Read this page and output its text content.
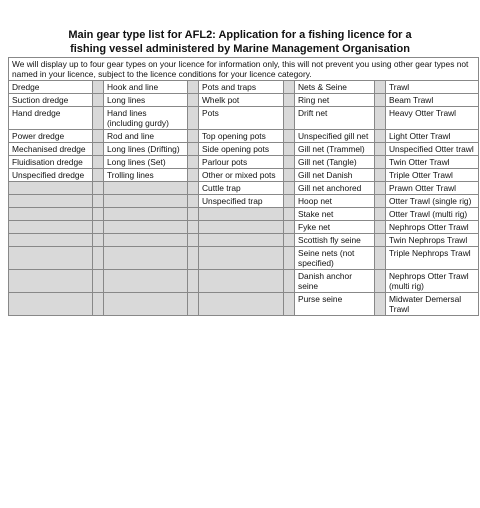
Main gear type list for AFL2: Application for a fishing licence for a
fishing vessel administered by Marine Management Organisation
We will display up to four gear types on your licence for information only, this will not prevent you using other gear types not named in your licence, subject to the licence conditions for your licence category.								
Dredge		Hook and line		Pots and traps		Nets & Seine		Trawl
Suction dredge		Long lines		Whelk pot		Ring net		Beam Trawl
Hand dredge		Hand lines (including gurdy)		Pots		Drift net		Heavy Otter Trawl
Power dredge		Rod and line		Top opening pots		Unspecified gill net		Light Otter Trawl
Mechanised dredge		Long lines (Drifting)		Side opening pots		Gill net (Trammel)		Unspecified Otter trawl
Fluidisation dredge		Long lines (Set)		Parlour pots		Gill net (Tangle)		Twin Otter Trawl
Unspecified dredge		Trolling lines		Other or mixed pots		Gill net Danish		Triple Otter Trawl
				Cuttle trap		Gill net anchored		Prawn Otter Trawl
				Unspecified trap		Hoop net		Otter Trawl (single rig)
						Stake net		Otter Trawl (multi rig)
						Fyke net		Nephrops Otter Trawl
						Scottish fly seine		Twin Nephrops Trawl
						Seine nets (not specified)		Triple Nephrops Trawl
						Danish anchor seine		Nephrops Otter Trawl (multi rig)
						Purse seine		Midwater Demersal Trawl
